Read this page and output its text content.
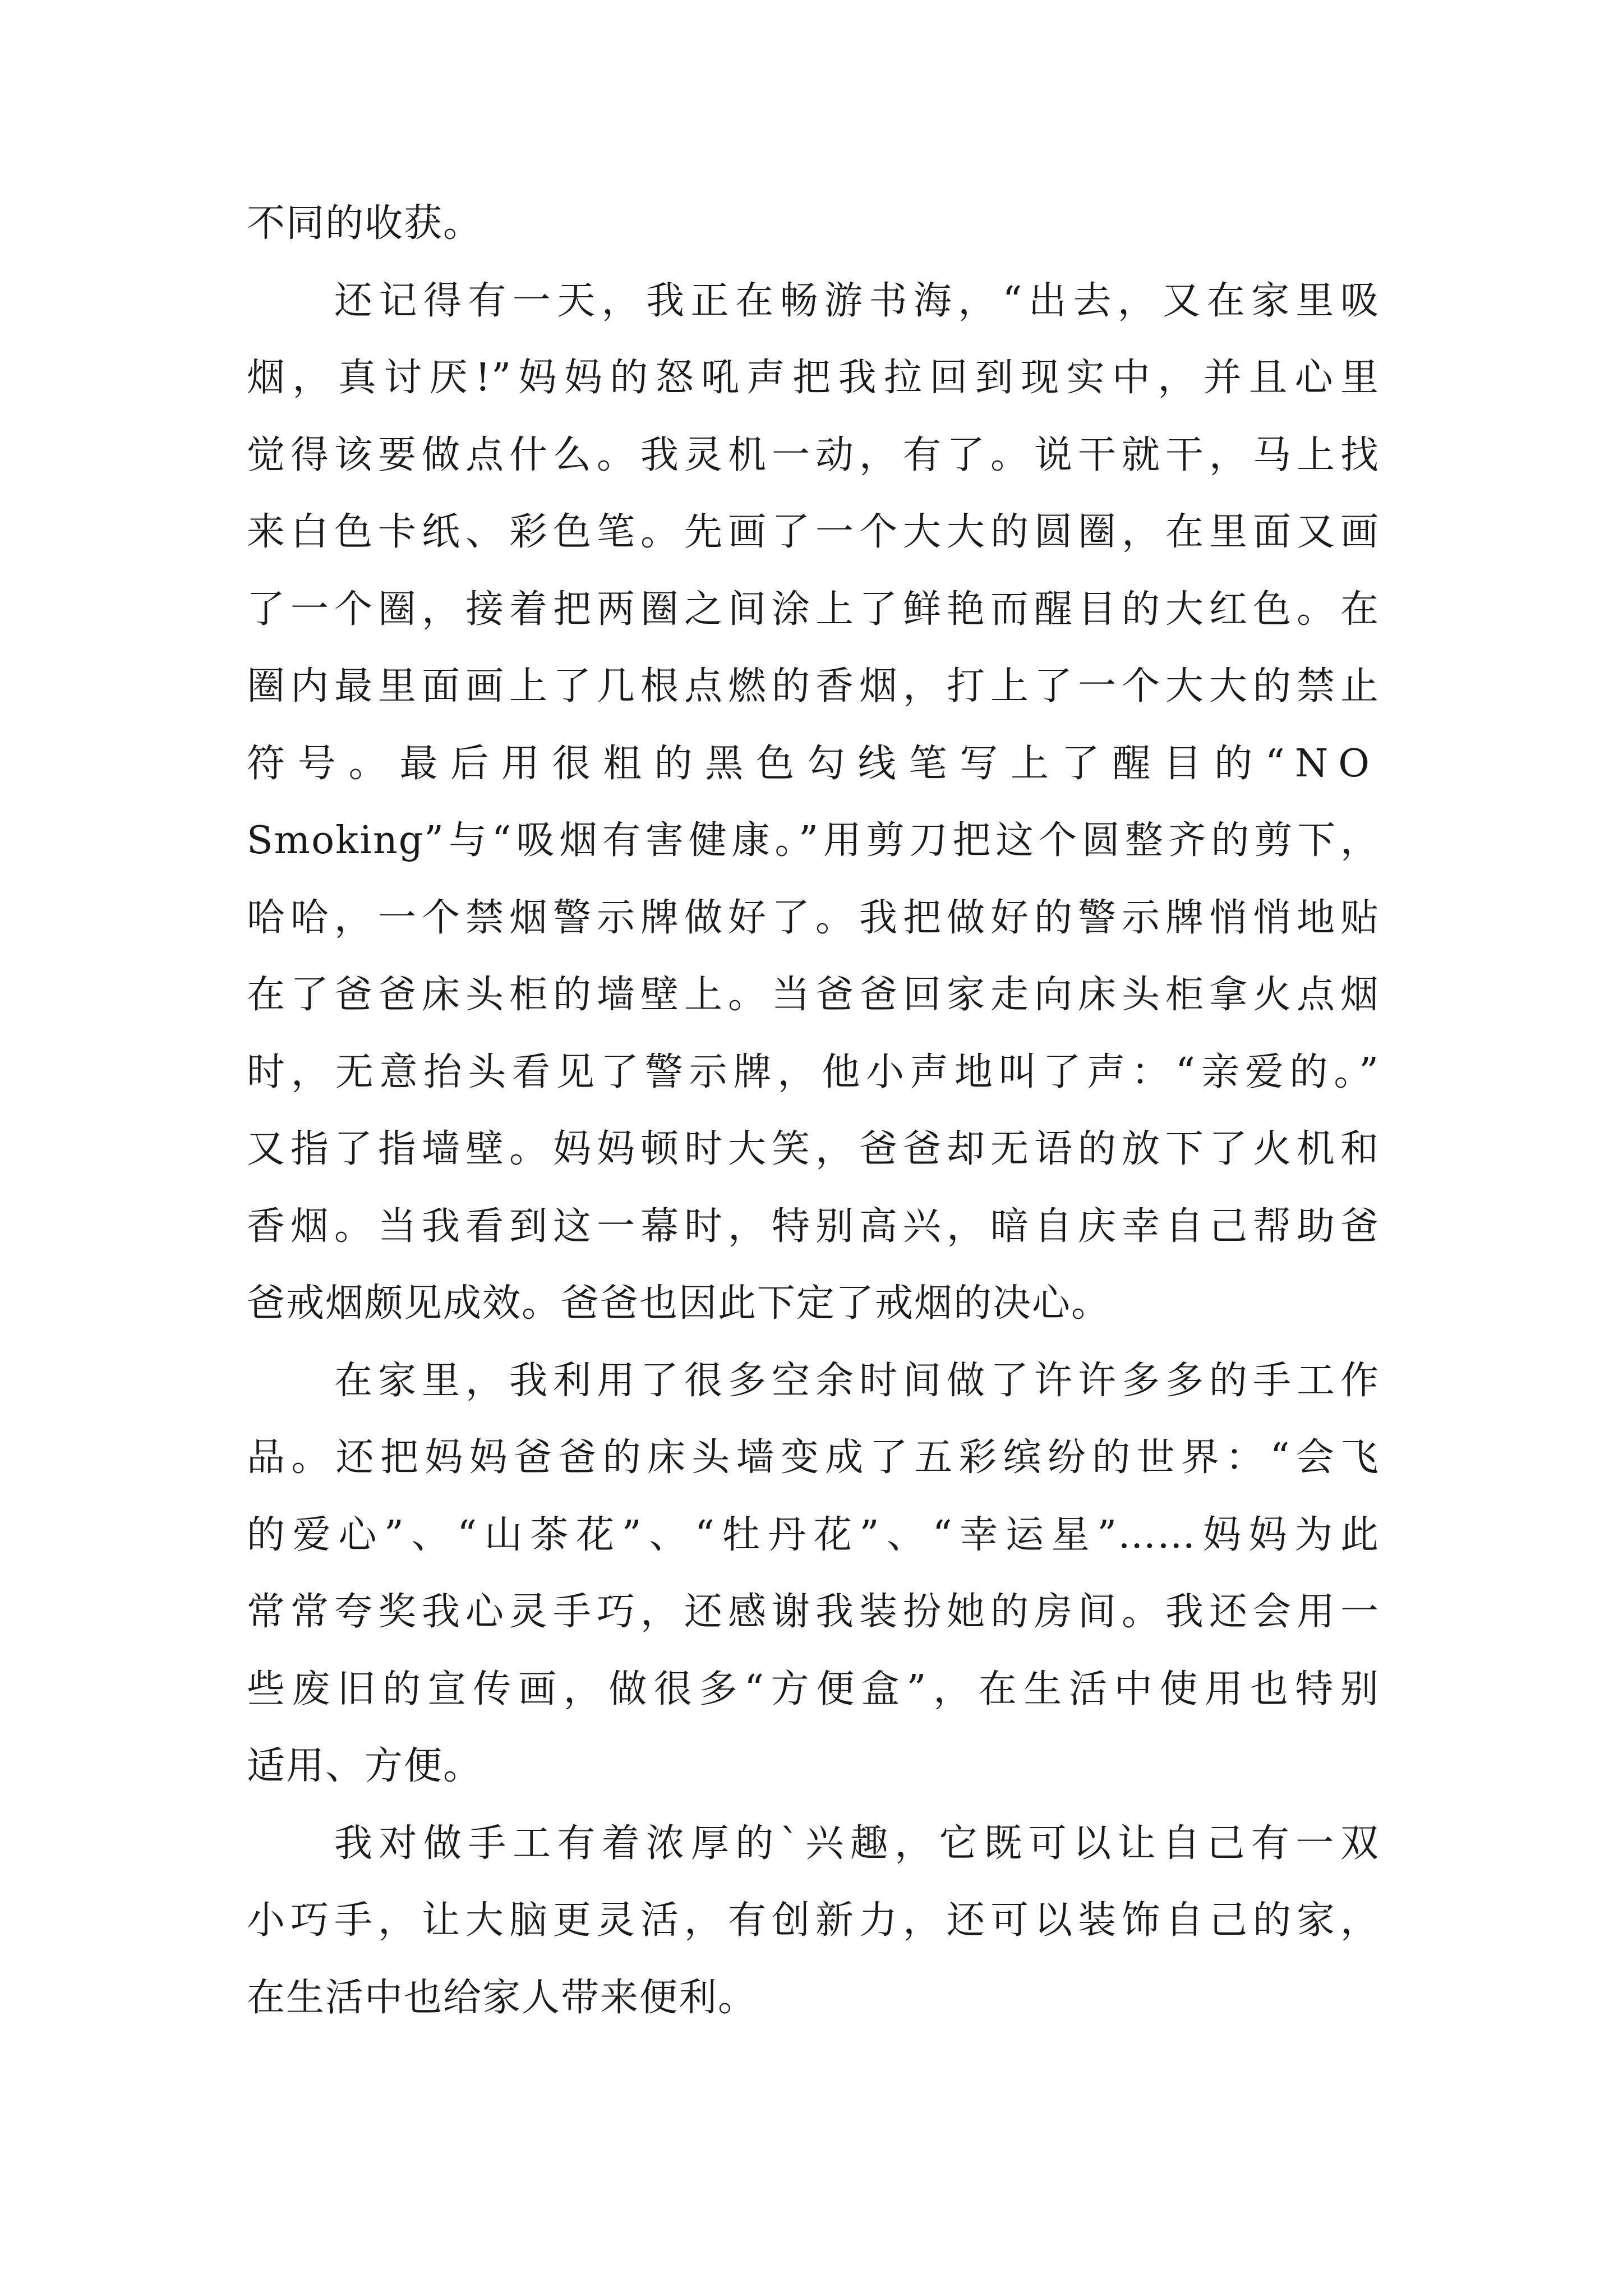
不同的收获。
还记得有一天，我正在畅游书海，“出去，又在家里吸
烟，真讨厌!”妈妈的怒吼声把我拉回到现实中，并且心里
觉得该要做点什么。我灵机一动，有了。说干就干，马上找
来白色卡纸、彩色笔。先画了一个大大的圆圈，在里面又画
了一个圈，接着把两圈之间涂上了鲜艳而醒目的大红色。在
圈内最里面画上了几根点燃的香烟，打上了一个大大的禁止
符号。最后用很粗的黑色勾线笔写上了醒目的“NO
Smoking”与“吸烟有害健康。”用剪刀把这个圆整齐的剪下，
哈哈，一个禁烟警示牌做好了。我把做好的警示牌悄悄地贴
在了爸爸床头柜的墙壁上。当爸爸回家走向床头柜拿火点烟
时，无意抬头看见了警示牌，他小声地叫了声：“亲爱的。”
又指了指墙壁。妈妈顿时大笑，爸爸却无语的放下了火机和
香烟。当我看到这一幕时，特别高兴，暗自庆幸自己帮助爸
爸戒烟颇见成效。爸爸也因此下定了戒烟的决心。
在家里，我利用了很多空余时间做了许许多多的手工作
品。还把妈妈爸爸的床头墙变成了五彩缤纷的世界：“会飞
的爱心”、“山茶花”、“牡丹花”、“幸运星”……妈妈为此
常常夸奖我心灵手巧，还感谢我装扮她的房间。我还会用一
些废旧的宣传画，做很多“方便盒”，在生活中使用也特别
适用、方便。
我对做手工有着浓厚的`兴趣，它既可以让自己有一双
小巧手，让大脑更灵活，有创新力，还可以装饰自己的家，
在生活中也给家人带来便利。
